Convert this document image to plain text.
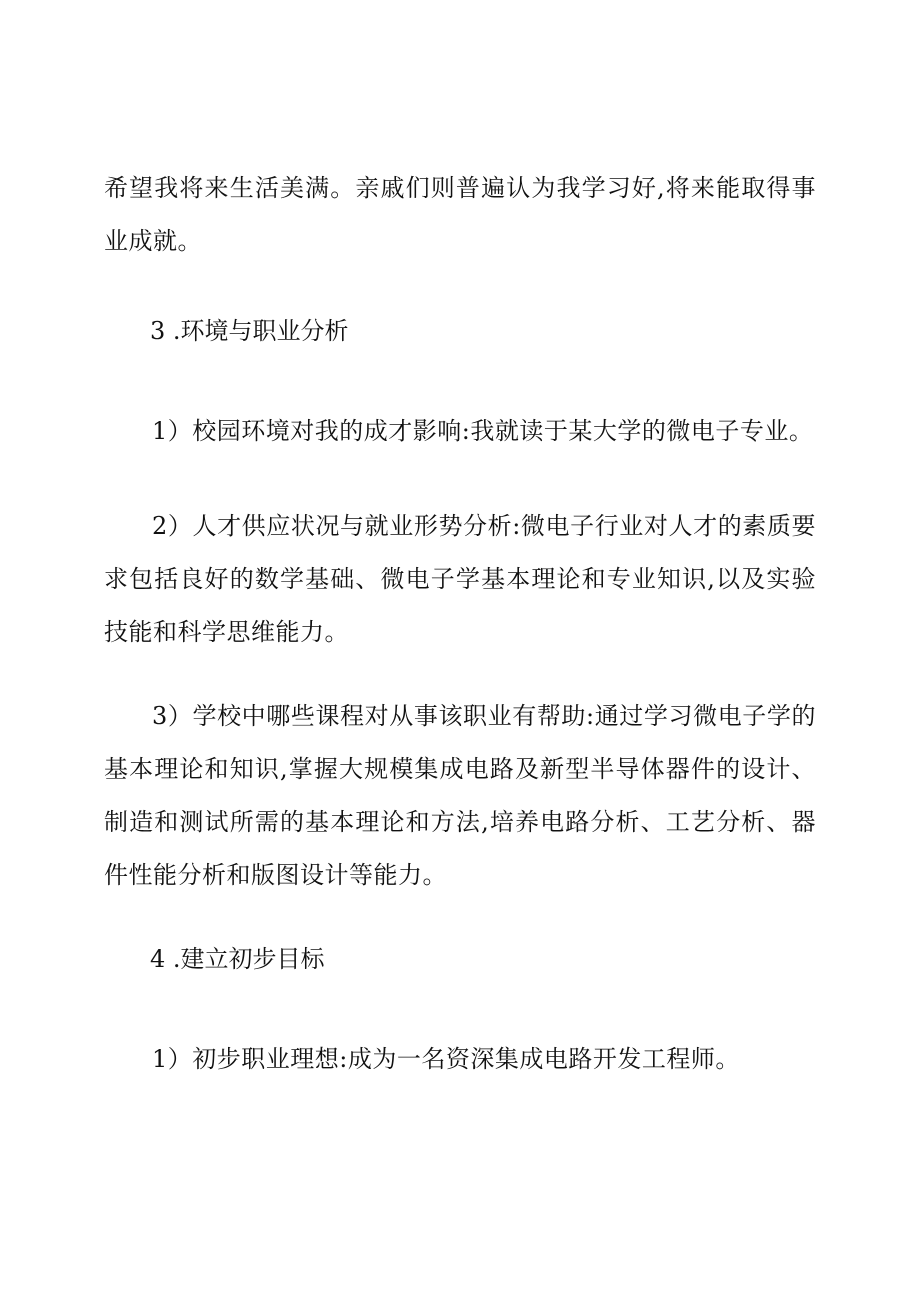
希望我将来生活美满。亲戚们则普遍认为我学习好,将来能取得事业成就。

3 .环境与职业分析

1）校园环境对我的成才影响:我就读于某大学的微电子专业。

2）人才供应状况与就业形势分析:微电子行业对人才的素质要求包括良好的数学基础、微电子学基本理论和专业知识,以及实验技能和科学思维能力。

3）学校中哪些课程对从事该职业有帮助:通过学习微电子学的基本理论和知识,掌握大规模集成电路及新型半导体器件的设计、制造和测试所需的基本理论和方法,培养电路分析、工艺分析、器件性能分析和版图设计等能力。

4 .建立初步目标

1）初步职业理想:成为一名资深集成电路开发工程师。
